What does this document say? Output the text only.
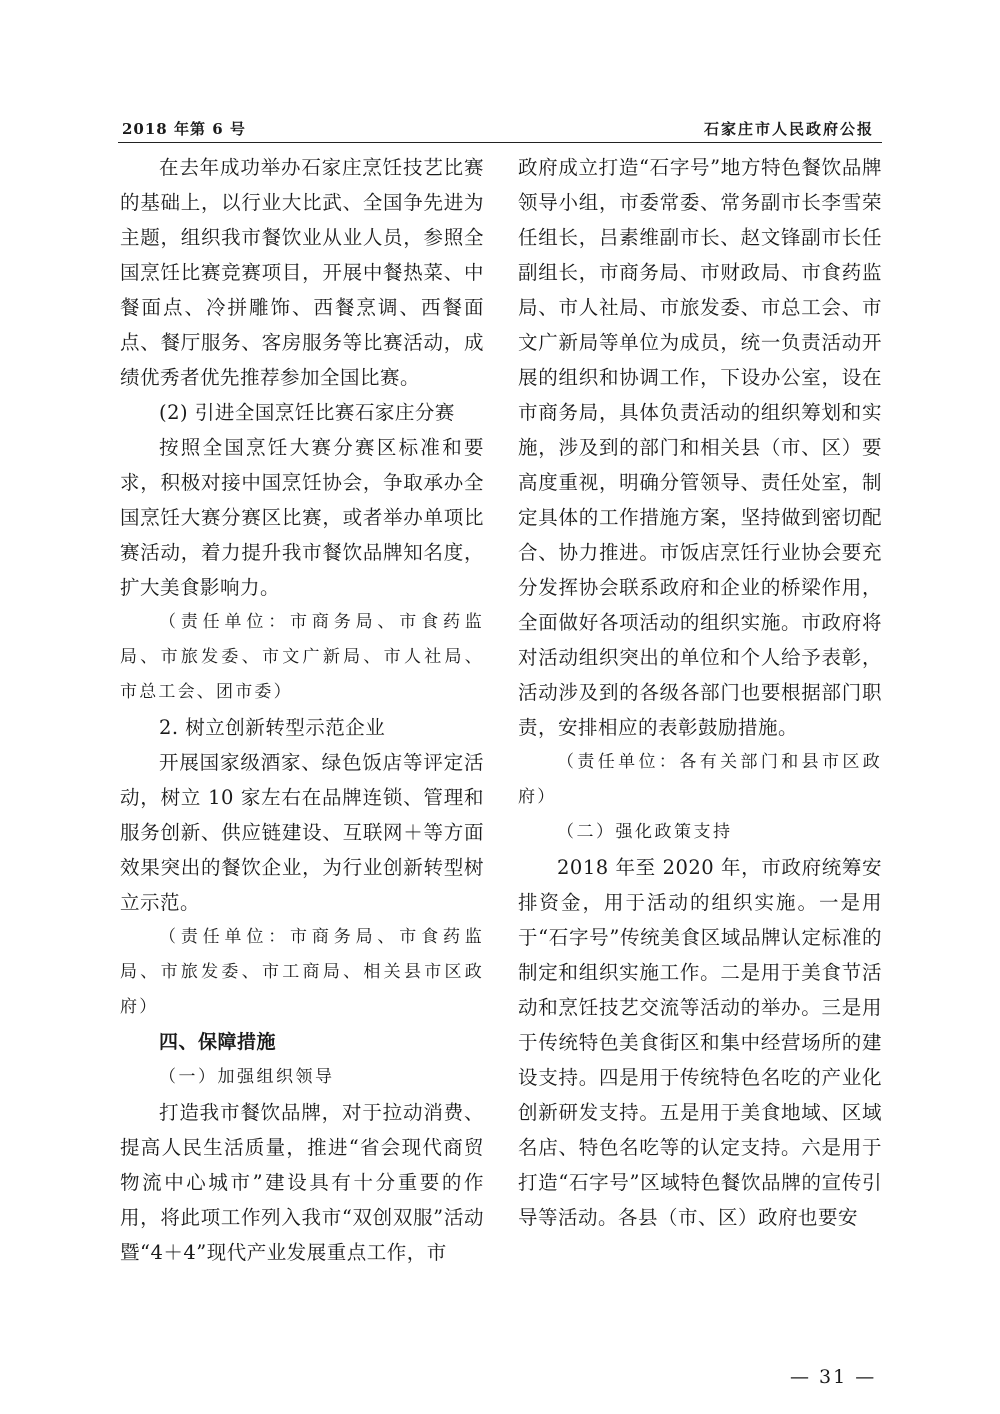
2018 年第 6 号	石家庄市人民政府公报

在去年成功举办石家庄烹饪技艺比赛的基础上，以行业大比武、全国争先进为主题，组织我市餐饮业从业人员，参照全国烹饪比赛竞赛项目，开展中餐热菜、中餐面点、冷拼雕饰、西餐烹调、西餐面点、餐厅服务、客房服务等比赛活动，成绩优秀者优先推荐参加全国比赛。

(2) 引进全国烹饪比赛石家庄分赛

按照全国烹饪大赛分赛区标准和要求，积极对接中国烹饪协会，争取承办全国烹饪大赛分赛区比赛，或者举办单项比赛活动，着力提升我市餐饮品牌知名度，扩大美食影响力。

（责任单位：市商务局、市食药监局、市旅发委、市文广新局、市人社局、市总工会、团市委）

2. 树立创新转型示范企业

开展国家级酒家、绿色饭店等评定活动，树立 10 家左右在品牌连锁、管理和服务创新、供应链建设、互联网＋等方面效果突出的餐饮企业，为行业创新转型树立示范。

（责任单位：市商务局、市食药监局、市旅发委、市工商局、相关县市区政府）

四、保障措施

（一）加强组织领导

打造我市餐饮品牌，对于拉动消费、提高人民生活质量，推进“省会现代商贸物流中心城市”建设具有十分重要的作用，将此项工作列入我市“双创双服”活动暨“4＋4”现代产业发展重点工作，市

政府成立打造“石字号”地方特色餐饮品牌领导小组，市委常委、常务副市长李雪荣任组长，吕素维副市长、赵文锋副市长任副组长，市商务局、市财政局、市食药监局、市人社局、市旅发委、市总工会、市文广新局等单位为成员，统一负责活动开展的组织和协调工作，下设办公室，设在市商务局，具体负责活动的组织筹划和实施，涉及到的部门和相关县（市、区）要高度重视，明确分管领导、责任处室，制定具体的工作措施方案，坚持做到密切配合、协力推进。市饭店烹饪行业协会要充分发挥协会联系政府和企业的桥梁作用，全面做好各项活动的组织实施。市政府将对活动组织突出的单位和个人给予表彰，活动涉及到的各级各部门也要根据部门职责，安排相应的表彰鼓励措施。

（责任单位：各有关部门和县市区政府）

（二）强化政策支持

2018 年至 2020 年，市政府统筹安排资金，用于活动的组织实施。一是用于“石字号”传统美食区域品牌认定标准的制定和组织实施工作。二是用于美食节活动和烹饪技艺交流等活动的举办。三是用于传统特色美食街区和集中经营场所的建设支持。四是用于传统特色名吃的产业化创新研发支持。五是用于美食地域、区域名店、特色名吃等的认定支持。六是用于打造“石字号”区域特色餐饮品牌的宣传引导等活动。各县（市、区）政府也要安

— 31 —
